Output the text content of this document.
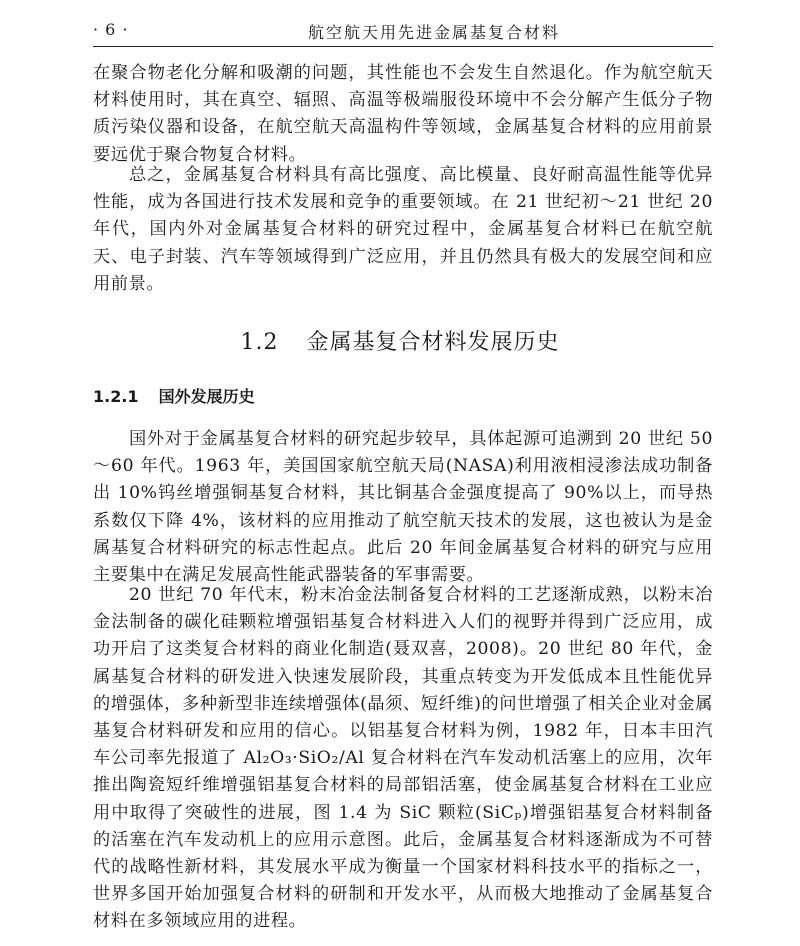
· 6 ·	航空航天用先进金属基复合材料
在聚合物老化分解和吸潮的问题，其性能也不会发生自然退化。作为航空航天材料使用时，其在真空、辐照、高温等极端服役环境中不会分解产生低分子物质污染仪器和设备，在航空航天高温构件等领域，金属基复合材料的应用前景要远优于聚合物复合材料。
总之，金属基复合材料具有高比强度、高比模量、良好耐高温性能等优异性能，成为各国进行技术发展和竞争的重要领域。在 21 世纪初～21 世纪 20 年代，国内外对金属基复合材料的研究过程中，金属基复合材料已在航空航天、电子封装、汽车等领域得到广泛应用，并且仍然具有极大的发展空间和应用前景。
1.2 金属基复合材料发展历史
1.2.1 国外发展历史
国外对于金属基复合材料的研究起步较早，具体起源可追溯到 20 世纪 50～60 年代。1963 年，美国国家航空航天局(NASA)利用液相浸渗法成功制备出 10%钨丝增强铜基复合材料，其比铜基合金强度提高了 90%以上，而导热系数仅下降 4%，该材料的应用推动了航空航天技术的发展，这也被认为是金属基复合材料研究的标志性起点。此后 20 年间金属基复合材料的研究与应用主要集中在满足发展高性能武器装备的军事需要。
20 世纪 70 年代末，粉末冶金法制备复合材料的工艺逐渐成熟，以粉末冶金法制备的碳化硅颗粒增强铝基复合材料进入人们的视野并得到广泛应用，成功开启了这类复合材料的商业化制造(聂双喜，2008)。20 世纪 80 年代，金属基复合材料的研发进入快速发展阶段，其重点转变为开发低成本且性能优异的增强体，多种新型非连续增强体(晶须、短纤维)的问世增强了相关企业对金属基复合材料研发和应用的信心。以铝基复合材料为例，1982 年，日本丰田汽车公司率先报道了 Al₂O₃·SiO₂/Al 复合材料在汽车发动机活塞上的应用，次年推出陶瓷短纤维增强铝基复合材料的局部铝活塞，使金属基复合材料在工业应用中取得了突破性的进展，图 1.4 为 SiC 颗粒(SiCₚ)增强铝基复合材料制备的活塞在汽车发动机上的应用示意图。此后，金属基复合材料逐渐成为不可替代的战略性新材料，其发展水平成为衡量一个国家材料科技水平的指标之一，世界多国开始加强复合材料的研制和开发水平，从而极大地推动了金属基复合材料在多领域应用的进程。
